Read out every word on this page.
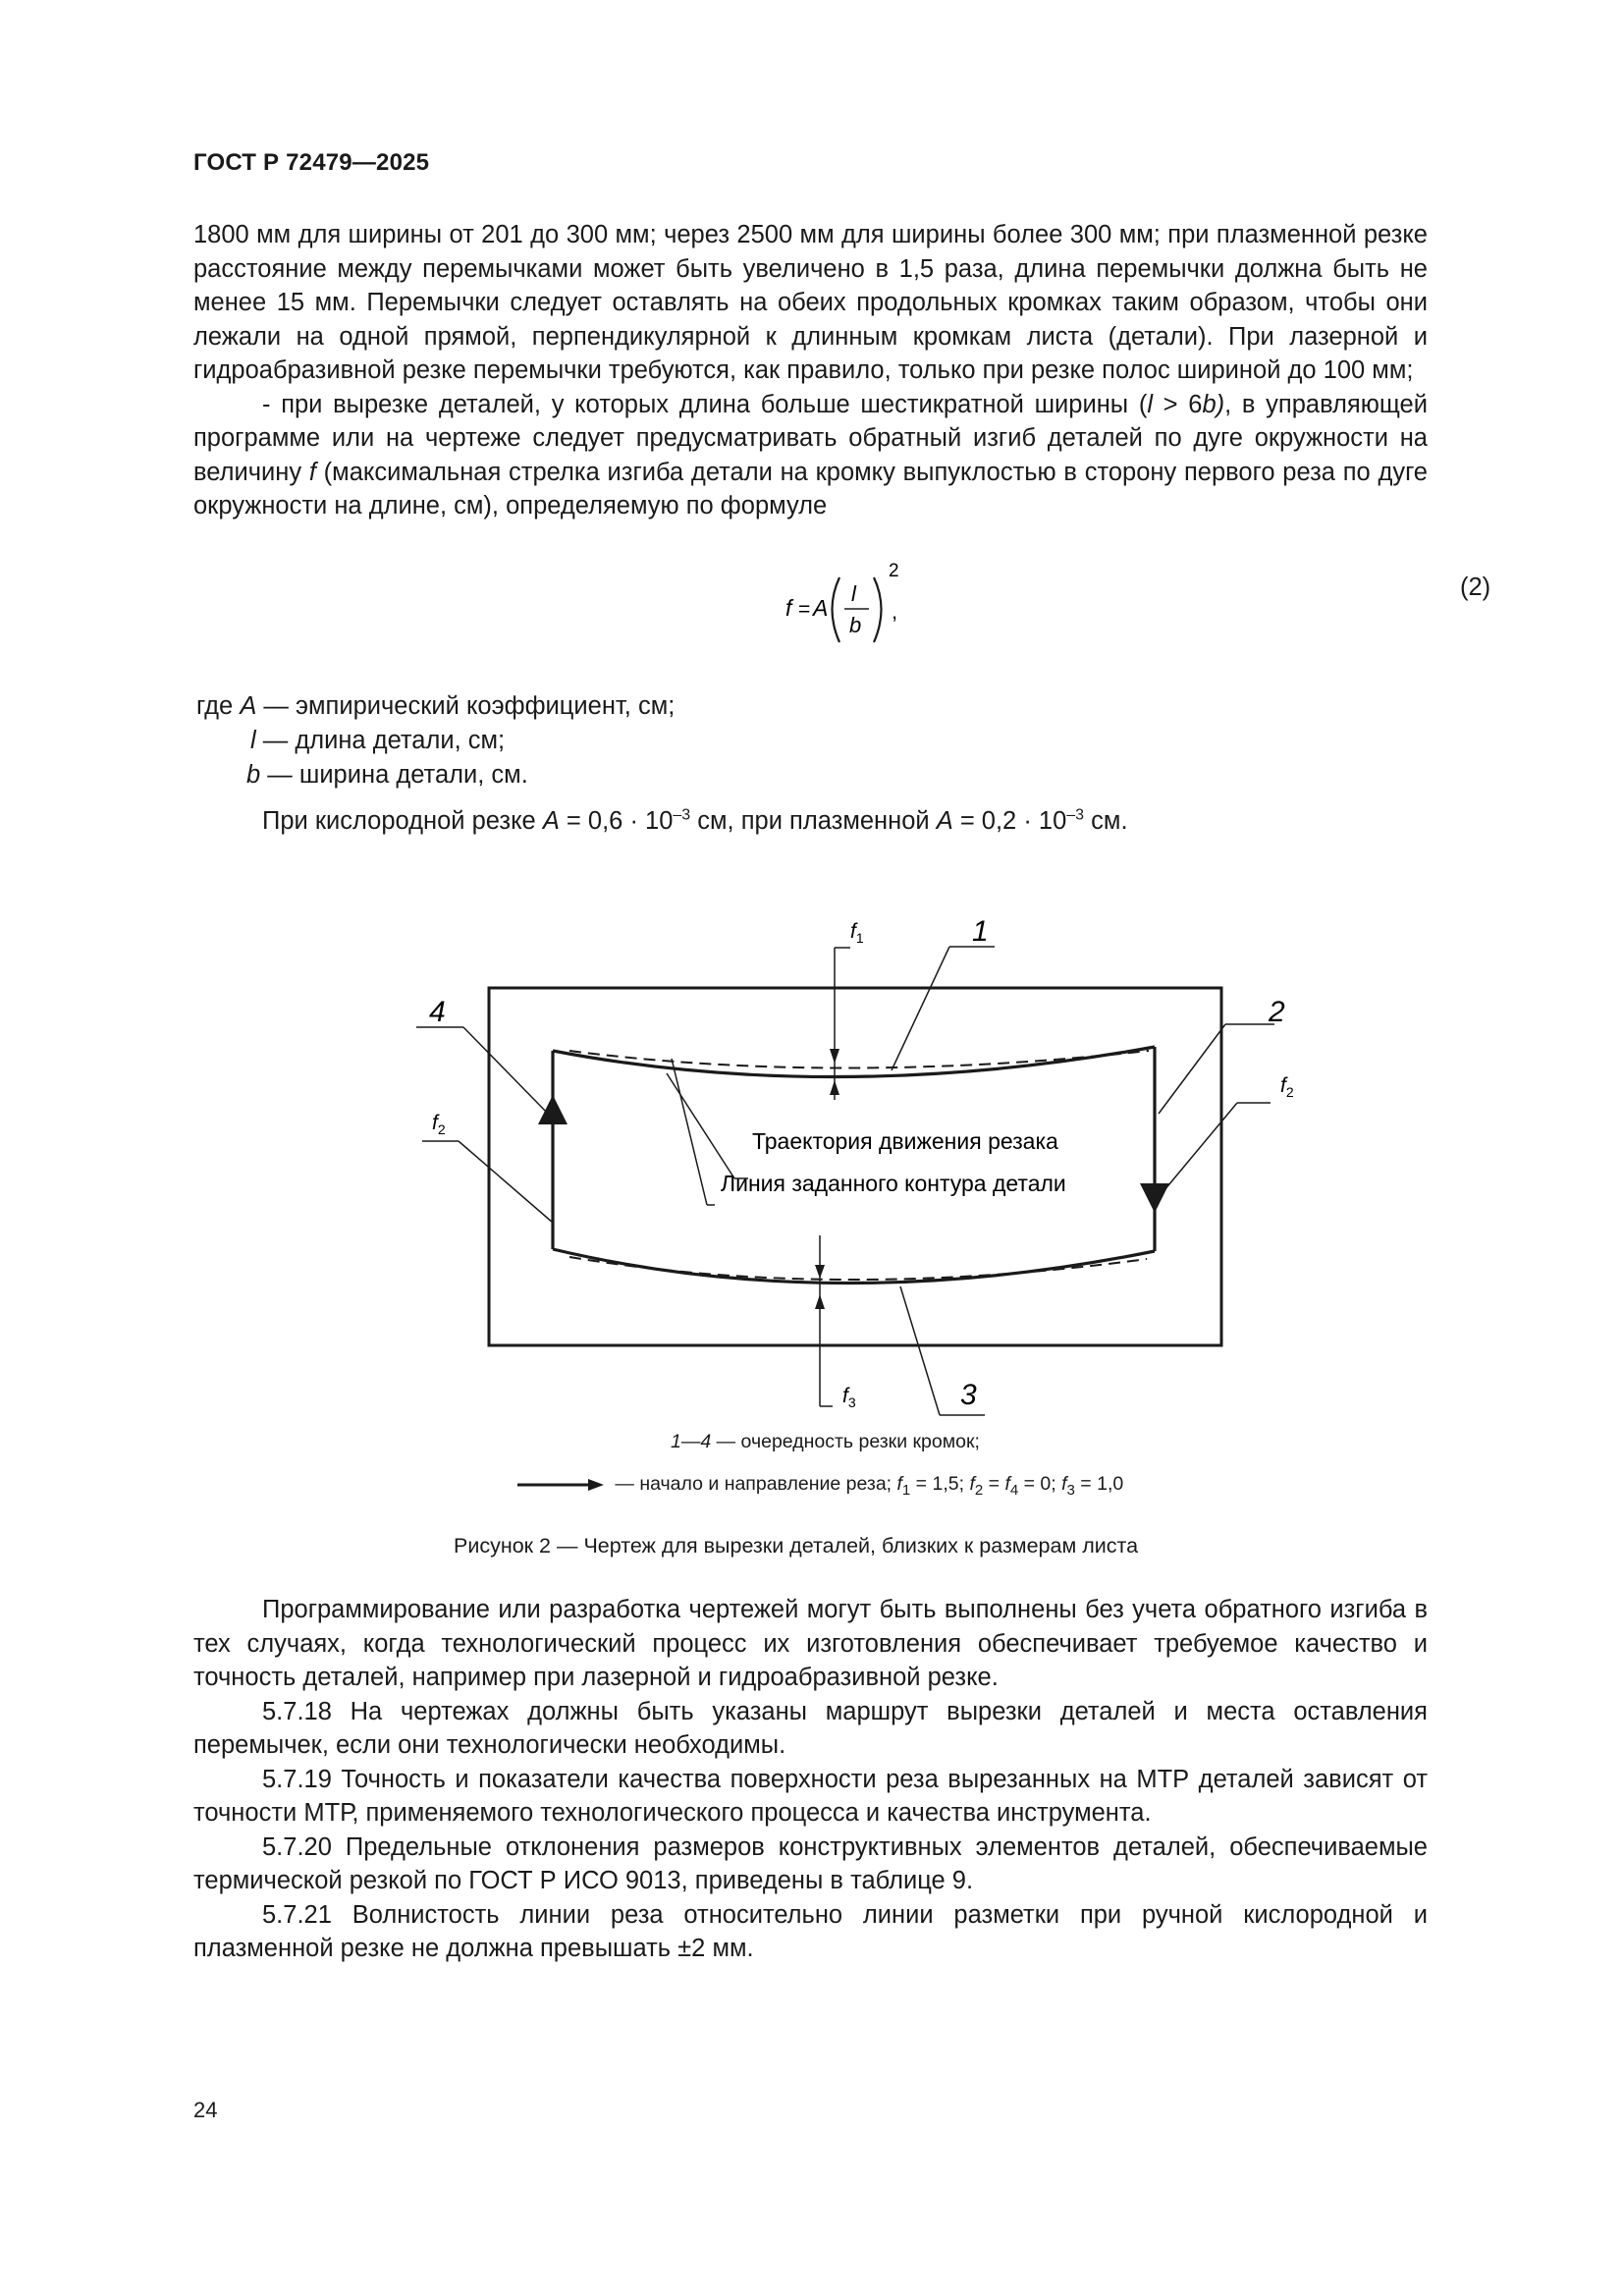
ГОСТ Р 72479—2025

1800 мм для ширины от 201 до 300 мм; через 2500 мм для ширины более 300 мм; при плазменной резке расстояние между перемычками может быть увеличено в 1,5 раза, длина перемычки должна быть не менее 15 мм. Перемычки следует оставлять на обеих продольных кромках таким образом, чтобы они лежали на одной прямой, перпендикулярной к длинным кромкам листа (детали). При лазерной и гидроабразивной резке перемычки требуются, как правило, только при резке полос шириной до 100 мм;

- при вырезке деталей, у которых длина больше шестикратной ширины (l > 6b), в управляющей программе или на чертеже следует предусматривать обратный изгиб деталей по дуге окружности на величину f (максимальная стрелка изгиба детали на кромку выпуклостью в сторону первого реза по дуге окружности на длине, см), определяемую по формуле

f = A
l
b
2
,
(2)
где A — эмпирический коэффициент, см;
l — длина детали, см;
b — ширина детали, см.
При кислородной резке $A = 0,6 \cdot 10^{-3}$ см, при плазменной $A = 0,2 \cdot 10^{-3}$ см.
$f_1$
$f_3$
1
2
3
4
$f_2$
$f_2$
Траектория движения резака
Линия заданного контура детали
1—4 — очередность резки кромок;
— начало и направление реза; $f_1 = 1,5$; $f_2 = f_4 = 0$; $f_3 = 1,0$
Рисунок 2 — Чертеж для вырезки деталей, близких к размерам листа

Программирование или разработка чертежей могут быть выполнены без учета обратного изгиба в тех случаях, когда технологический процесс их изготовления обеспечивает требуемое качество и точность деталей, например при лазерной и гидроабразивной резке.

5.7.18 На чертежах должны быть указаны маршрут вырезки деталей и места оставления перемычек, если они технологически необходимы.

5.7.19 Точность и показатели качества поверхности реза вырезанных на МТР деталей зависят от точности МТР, применяемого технологического процесса и качества инструмента.

5.7.20 Предельные отклонения размеров конструктивных элементов деталей, обеспечиваемые термической резкой по ГОСТ Р ИСО 9013, приведены в таблице 9.

5.7.21 Волнистость линии реза относительно линии разметки при ручной кислородной и плазменной резке не должна превышать ±2 мм.

24
